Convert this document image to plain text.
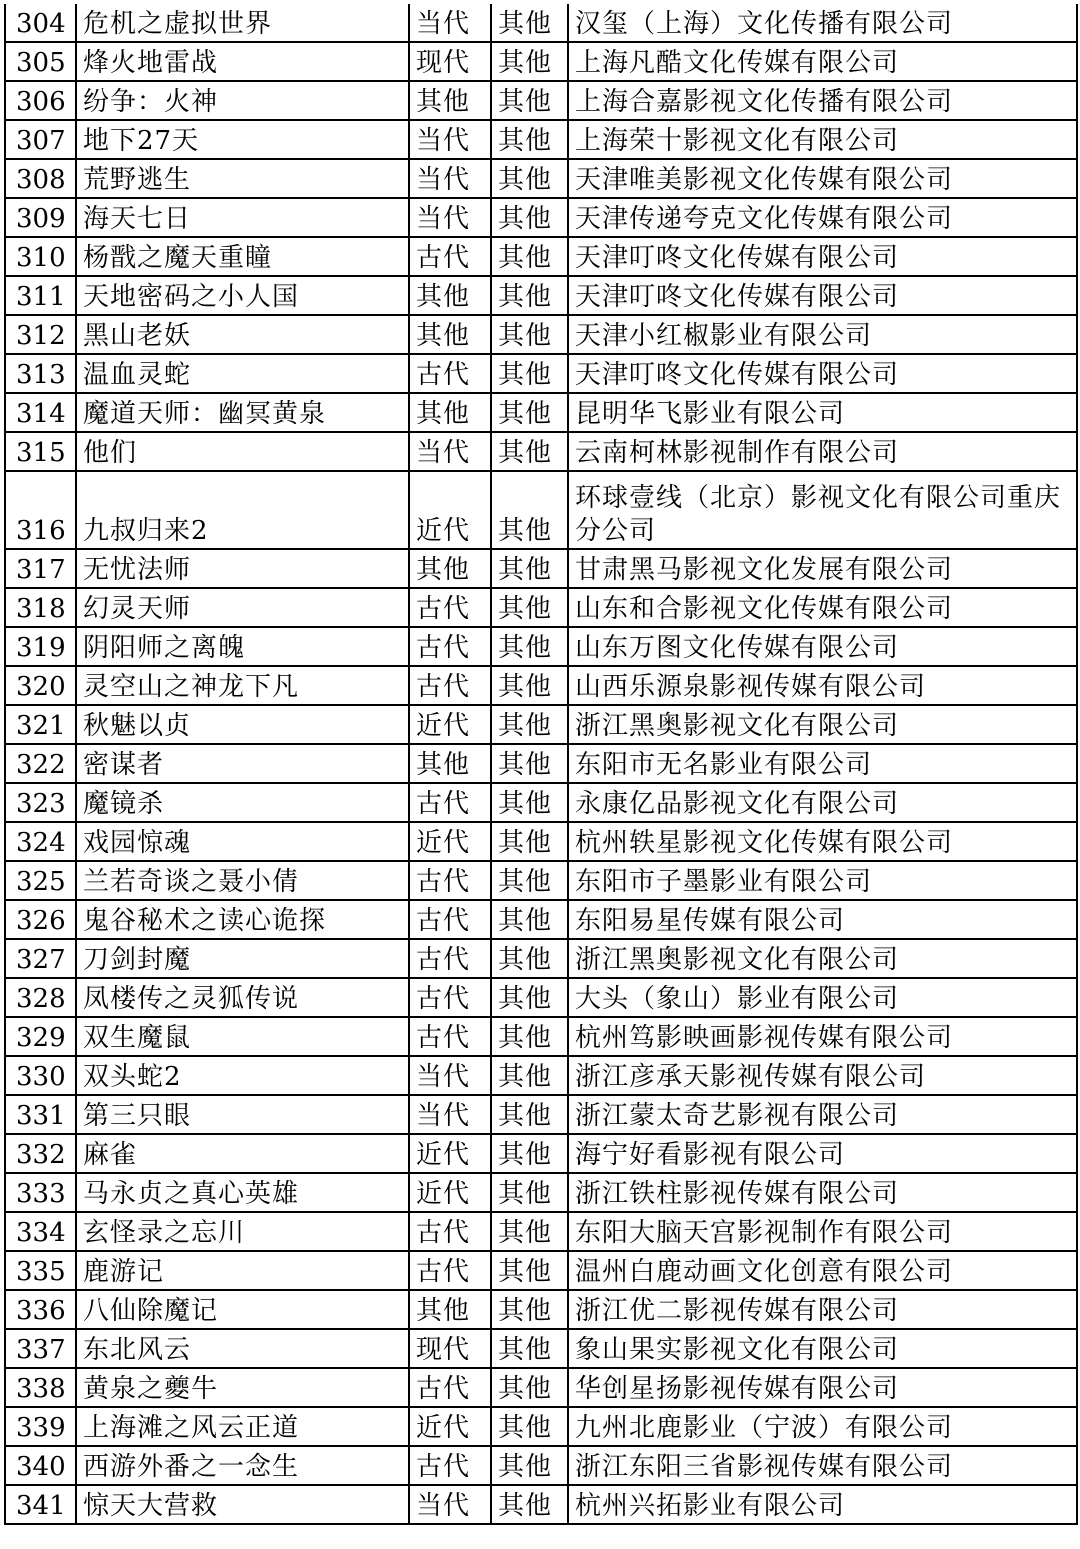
304	危机之虚拟世界	当代	其他	汉玺（上海）文化传播有限公司
305	烽火地雷战	现代	其他	上海凡酷文化传媒有限公司
306	纷争：火神	其他	其他	上海合嘉影视文化传播有限公司
307	地下27天	当代	其他	上海荣十影视文化有限公司
308	荒野逃生	当代	其他	天津唯美影视文化传媒有限公司
309	海天七日	当代	其他	天津传递夸克文化传媒有限公司
310	杨戬之魔天重瞳	古代	其他	天津叮咚文化传媒有限公司
311	天地密码之小人国	其他	其他	天津叮咚文化传媒有限公司
312	黑山老妖	其他	其他	天津小红椒影业有限公司
313	温血灵蛇	古代	其他	天津叮咚文化传媒有限公司
314	魔道天师：幽冥黄泉	其他	其他	昆明华飞影业有限公司
315	他们	当代	其他	云南柯林影视制作有限公司
316	九叔归来2	近代	其他	环球壹线（北京）影视文化有限公司重庆分公司
317	无忧法师	其他	其他	甘肃黑马影视文化发展有限公司
318	幻灵天师	古代	其他	山东和合影视文化传媒有限公司
319	阴阳师之离魄	古代	其他	山东万图文化传媒有限公司
320	灵空山之神龙下凡	古代	其他	山西乐源泉影视传媒有限公司
321	秋魅以贞	近代	其他	浙江黑奥影视文化有限公司
322	密谋者	其他	其他	东阳市无名影业有限公司
323	魔镜杀	古代	其他	永康亿品影视文化有限公司
324	戏园惊魂	近代	其他	杭州轶星影视文化传媒有限公司
325	兰若奇谈之聂小倩	古代	其他	东阳市子墨影业有限公司
326	鬼谷秘术之读心诡探	古代	其他	东阳易星传媒有限公司
327	刀剑封魔	古代	其他	浙江黑奥影视文化有限公司
328	凤楼传之灵狐传说	古代	其他	大头（象山）影业有限公司
329	双生魔鼠	古代	其他	杭州笃影映画影视传媒有限公司
330	双头蛇2	当代	其他	浙江彦承天影视传媒有限公司
331	第三只眼	当代	其他	浙江蒙太奇艺影视有限公司
332	麻雀	近代	其他	海宁好看影视有限公司
333	马永贞之真心英雄	近代	其他	浙江铁柱影视传媒有限公司
334	玄怪录之忘川	古代	其他	东阳大脑天宫影视制作有限公司
335	鹿游记	古代	其他	温州白鹿动画文化创意有限公司
336	八仙除魔记	其他	其他	浙江优二影视传媒有限公司
337	东北风云	现代	其他	象山果实影视文化有限公司
338	黄泉之夔牛	古代	其他	华创星扬影视传媒有限公司
339	上海滩之风云正道	近代	其他	九州北鹿影业（宁波）有限公司
340	西游外番之一念生	古代	其他	浙江东阳三省影视传媒有限公司
341	惊天大营救	当代	其他	杭州兴拓影业有限公司
